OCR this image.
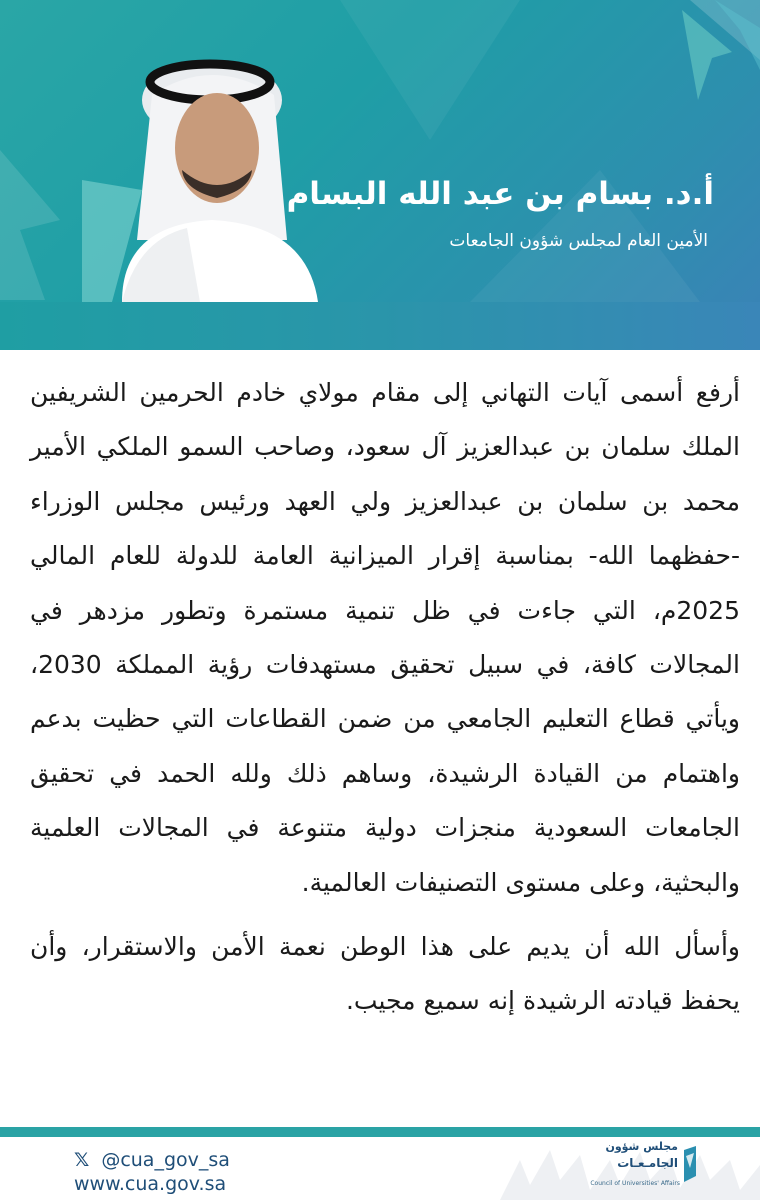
أ.د. بسام بن عبد الله البسام
الأمين العام لمجلس شؤون الجامعات

أرفع أسمى آيات التهاني إلى مقام مولاي خادم الحرمين الشريفين الملك سلمان بن عبدالعزيز آل سعود، وصاحب السمو الملكي الأمير محمد بن سلمان بن عبدالعزيز ولي العهد ورئيس مجلس الوزراء -حفظهما الله- بمناسبة إقرار الميزانية العامة للدولة للعام المالي 2025م، التي جاءت في ظل تنمية مستمرة وتطور مزدهر في المجالات كافة، في سبيل تحقيق مستهدفات رؤية المملكة 2030، ويأتي قطاع التعليم الجامعي من ضمن القطاعات التي حظيت بدعم واهتمام من القيادة الرشيدة، وساهم ذلك ولله الحمد في تحقيق الجامعات السعودية منجزات دولية متنوعة في المجالات العلمية والبحثية، وعلى مستوى التصنيفات العالمية.

وأسأل الله أن يديم على هذا الوطن نعمة الأمن والاستقرار، وأن يحفظ قيادته الرشيدة إنه سميع مجيب.

𝕏 @cua_gov_sa
www.cua.gov.sa
مجلس شؤون
الجامـعـات
Council of Universities' Affairs
